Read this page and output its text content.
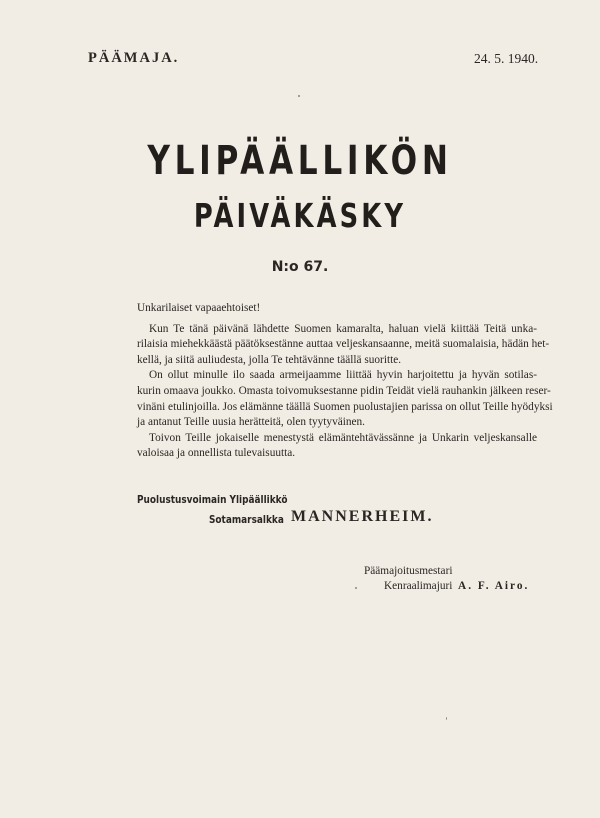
PÄÄMAJA.	24. 5. 1940.
YLIPÄÄLLIKÖN
PÄIVÄKÄSKY
N:o 67.
Unkarilaiset vapaaehtoiset!
Kun Te tänä päivänä lähdette Suomen kamaralta, haluan vielä kiittää Teitä unka-
rilaisia miehekkäästä päätöksestänne auttaa veljeskansaanne, meitä suomalaisia, hädän het-
kellä, ja siitä auliudesta, jolla Te tehtävänne täällä suoritte.
On ollut minulle ilo saada armeijaamme liittää hyvin harjoitettu ja hyvän sotilas-
kurin omaava joukko. Omasta toivomuksestanne pidin Teidät vielä rauhankin jälkeen reser-
vinäni etulinjoilla. Jos elämänne täällä Suomen puolustajien parissa on ollut Teille hyödyksi
ja antanut Teille uusia herätteitä, olen tyytyväinen.
Toivon Teille jokaiselle menestystä elämäntehtävässänne ja Unkarin veljeskansalle
valoisaa ja onnellista tulevaisuutta.
Puolustusvoimain Ylipäällikkö
Sotamarsalkka MANNERHEIM.
Päämajoitusmestari
Kenraalimajuri A. F. Airo.
